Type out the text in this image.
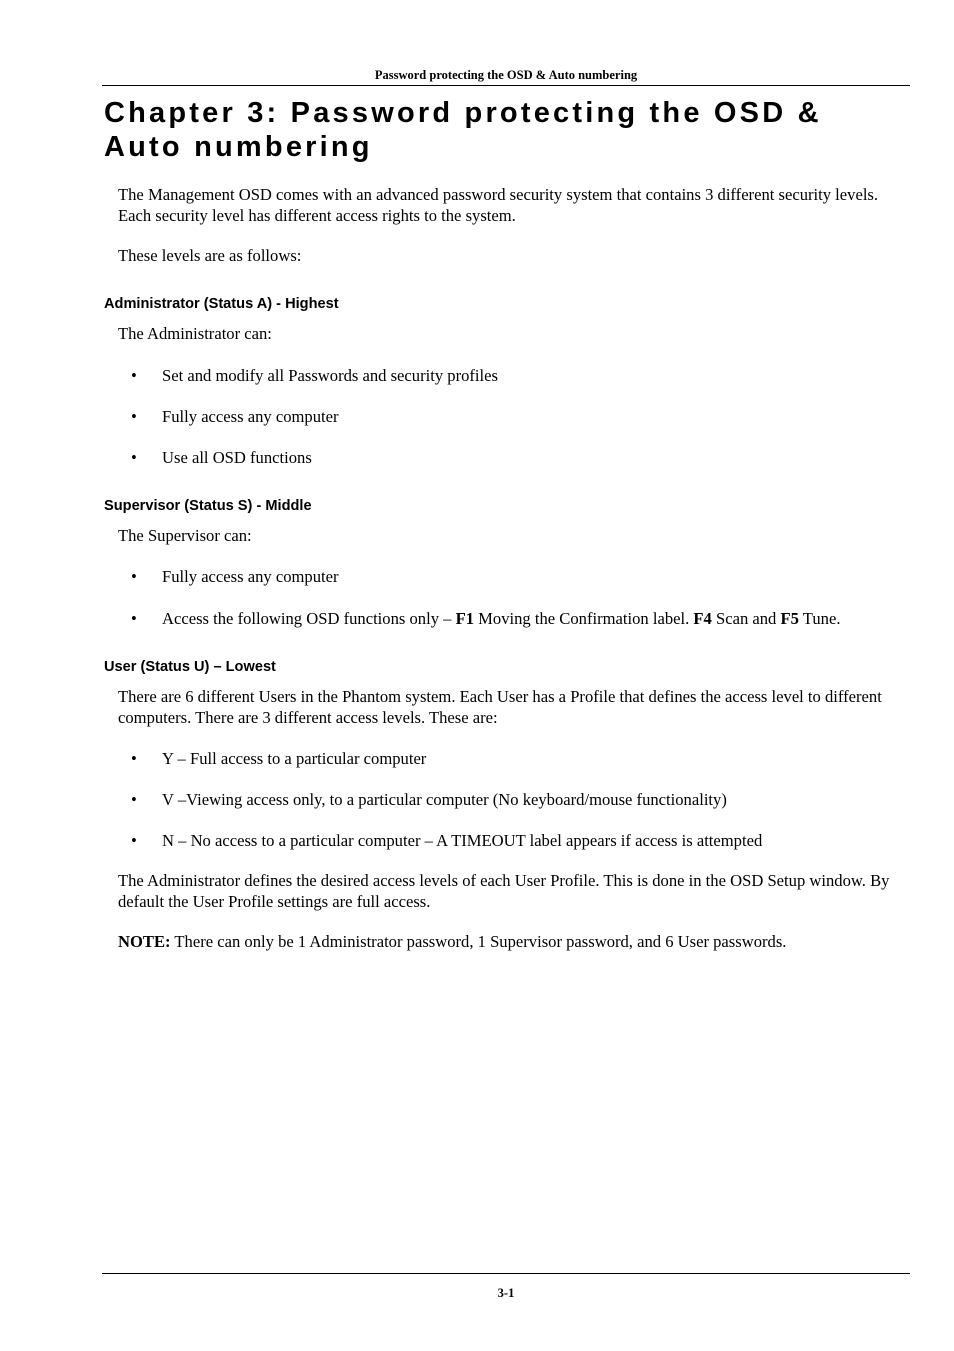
Password protecting the OSD & Auto numbering
Chapter 3: Password protecting the OSD & Auto numbering

The Management OSD comes with an advanced password security system that contains 3 different security levels. Each security level has different access rights to the system.

These levels are as follows:

Administrator (Status A) - Highest

The Administrator can:

• Set and modify all Passwords and security profiles
• Fully access any computer
• Use all OSD functions
Supervisor (Status S) - Middle

The Supervisor can:

• Fully access any computer
• Access the following OSD functions only – F1 Moving the Confirmation label. F4 Scan and F5 Tune.
User (Status U) – Lowest

There are 6 different Users in the Phantom system. Each User has a Profile that defines the access level to different computers. There are 3 different access levels. These are:

• Y – Full access to a particular computer
• V –Viewing access only, to a particular computer (No keyboard/mouse functionality)
• N – No access to a particular computer – A TIMEOUT label appears if access is attempted

The Administrator defines the desired access levels of each User Profile. This is done in the OSD Setup window. By default the User Profile settings are full access.

NOTE: There can only be 1 Administrator password, 1 Supervisor password, and 6 User passwords.

3-1
